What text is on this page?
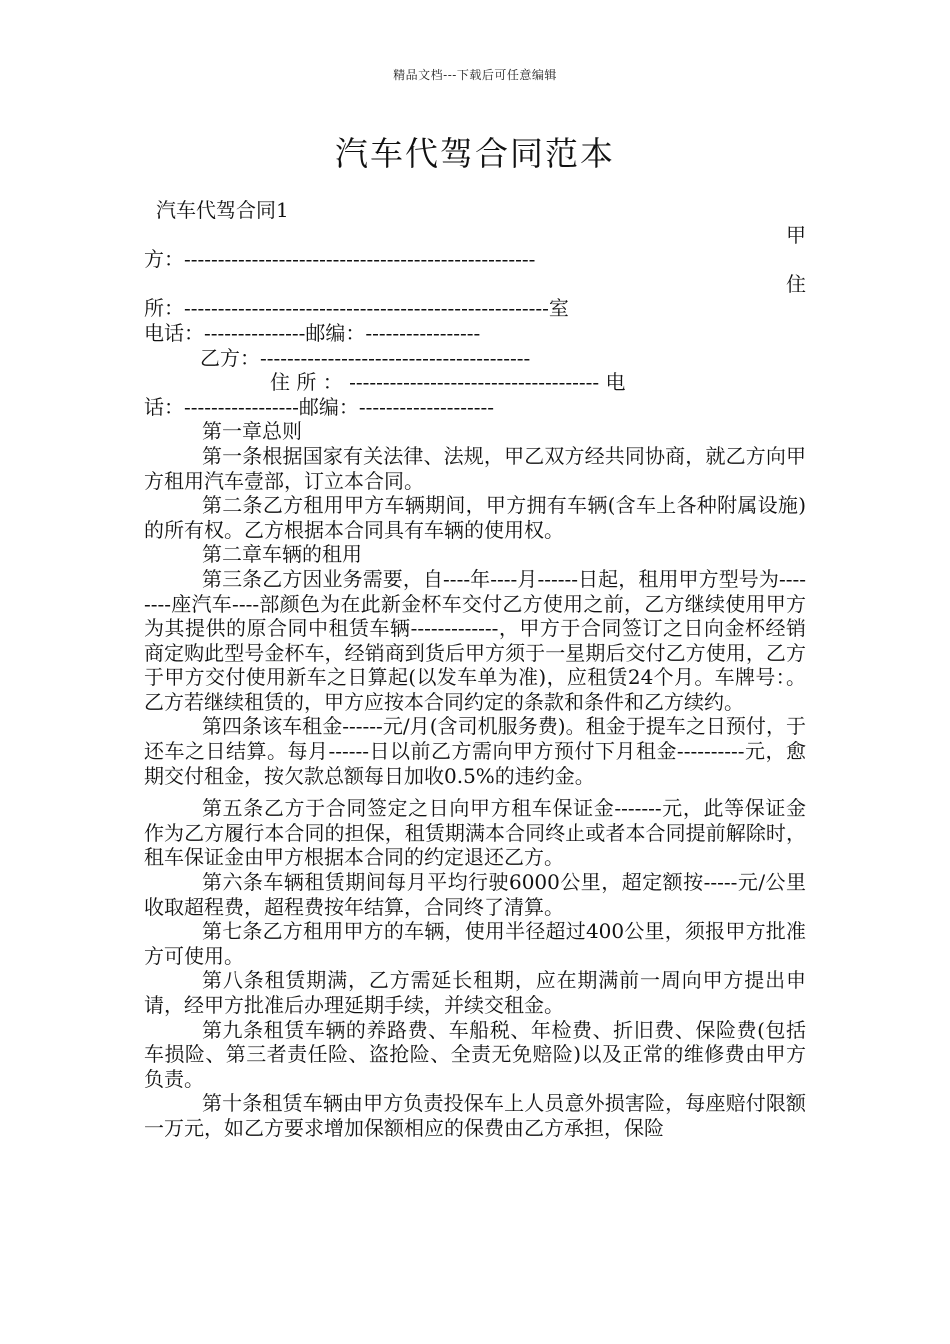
精品文档---下载后可任意编辑
汽车代驾合同范本

汽车代驾合同1

甲

方：----------------------------------------------------

住

所：------------------------------------------------------室

电话：---------------邮编：-----------------

乙方：----------------------------------------

住 所 ： ------------------------------------- 电

话：-----------------邮编：--------------------

第一章总则

第一条根据国家有关法律、法规，甲乙双方经共同协商，就乙方向甲方租用汽车壹部，订立本合同。

第二条乙方租用甲方车辆期间，甲方拥有车辆(含车上各种附属设施)的所有权。乙方根据本合同具有车辆的使用权。

第二章车辆的租用

第三条乙方因业务需要，自----年----月------日起，租用甲方型号为--------座汽车----部颜色为在此新金杯车交付乙方使用之前，乙方继续使用甲方为其提供的原合同中租赁车辆-------------，甲方于合同签订之日向金杯经销商定购此型号金杯车，经销商到货后甲方须于一星期后交付乙方使用，乙方于甲方交付使用新车之日算起(以发车单为准)，应租赁24个月。车牌号：。乙方若继续租赁的，甲方应按本合同约定的条款和条件和乙方续约。

第四条该车租金------元/月(含司机服务费)。租金于提车之日预付，于还车之日结算。每月------日以前乙方需向甲方预付下月租金----------元，愈期交付租金，按欠款总额每日加收0.5%的违约金。

第五条乙方于合同签定之日向甲方租车保证金-------元，此等保证金作为乙方履行本合同的担保，租赁期满本合同终止或者本合同提前解除时，租车保证金由甲方根据本合同的约定退还乙方。

第六条车辆租赁期间每月平均行驶6000公里，超定额按-----元/公里收取超程费，超程费按年结算，合同终了清算。

第七条乙方租用甲方的车辆，使用半径超过400公里，须报甲方批准方可使用。

第八条租赁期满，乙方需延长租期，应在期满前一周向甲方提出申请，经甲方批准后办理延期手续，并续交租金。

第九条租赁车辆的养路费、车船税、年检费、折旧费、保险费(包括车损险、第三者责任险、盗抢险、全责无免赔险)以及正常的维修费由甲方负责。

第十条租赁车辆由甲方负责投保车上人员意外损害险，每座赔付限额一万元，如乙方要求增加保额相应的保费由乙方承担，保险
